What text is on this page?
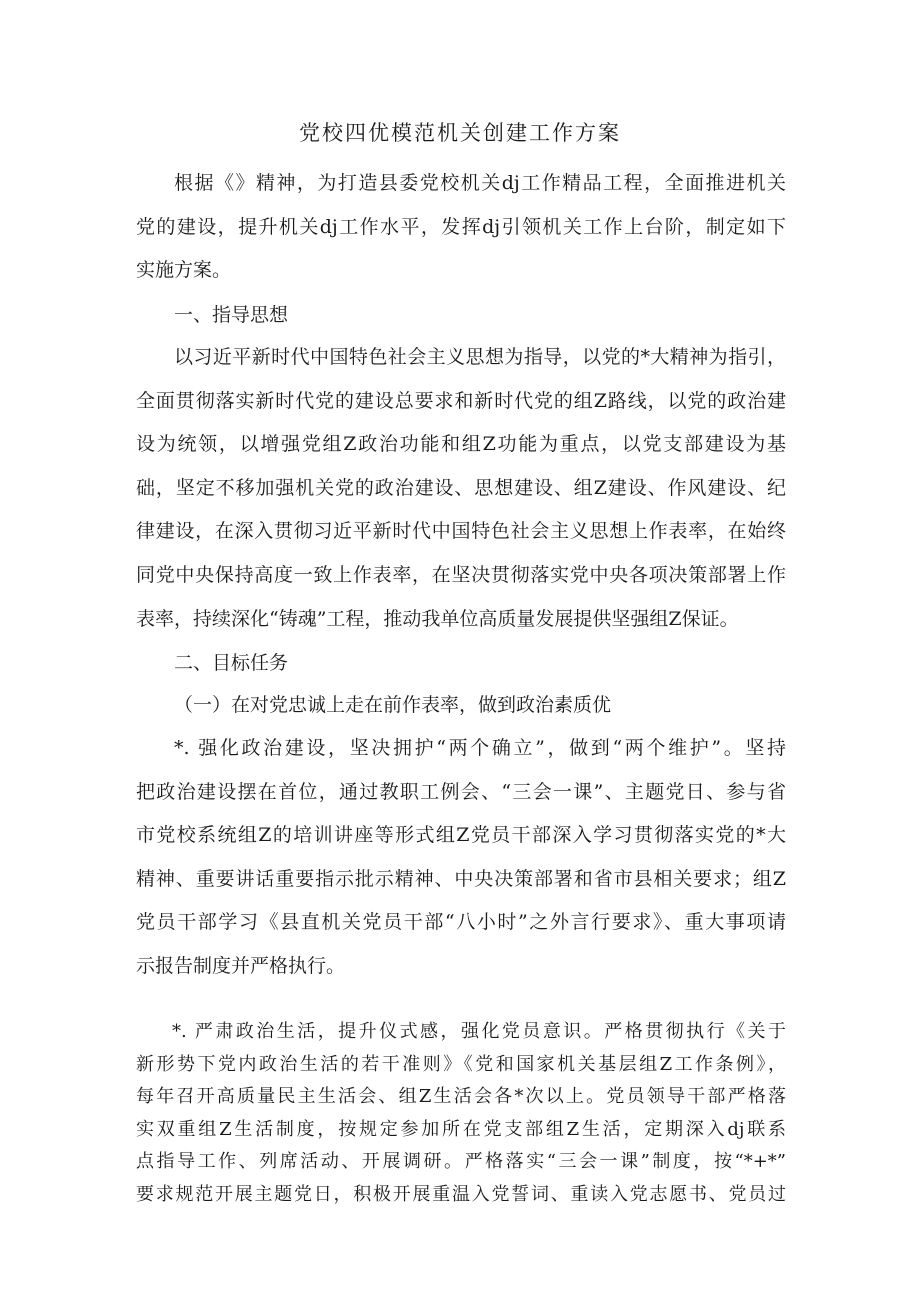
党校四优模范机关创建工作方案

根据《》精神，为打造县委党校机关dj工作精品工程，全面推进机关
党的建设，提升机关dj工作水平，发挥dj引领机关工作上台阶，制定如下
实施方案。

一、指导思想

以习近平新时代中国特色社会主义思想为指导，以党的*大精神为指引，
全面贯彻落实新时代党的建设总要求和新时代党的组Z路线，以党的政治建
设为统领，以增强党组Z政治功能和组Z功能为重点，以党支部建设为基
础，坚定不移加强机关党的政治建设、思想建设、组Z建设、作风建设、纪
律建设，在深入贯彻习近平新时代中国特色社会主义思想上作表率，在始终
同党中央保持高度一致上作表率，在坚决贯彻落实党中央各项决策部署上作
表率，持续深化“铸魂”工程，推动我单位高质量发展提供坚强组Z保证。

二、目标任务

（一）在对党忠诚上走在前作表率，做到政治素质优

*. 强化政治建设，坚决拥护“两个确立”，做到“两个维护”。坚持
把政治建设摆在首位，通过教职工例会、“三会一课”、主题党日、参与省
市党校系统组Z的培训讲座等形式组Z党员干部深入学习贯彻落实党的*大
精神、重要讲话重要指示批示精神、中央决策部署和省市县相关要求；组Z
党员干部学习《县直机关党员干部“八小时”之外言行要求》、重大事项请
示报告制度并严格执行。

*. 严肃政治生活，提升仪式感，强化党员意识。严格贯彻执行《关于
新形势下党内政治生活的若干准则》《党和国家机关基层组Z工作条例》，
每年召开高质量民主生活会、组Z生活会各*次以上。党员领导干部严格落
实双重组Z生活制度，按规定参加所在党支部组Z生活，定期深入dj联系
点指导工作、列席活动、开展调研。严格落实“三会一课”制度，按“*+*”
要求规范开展主题党日，积极开展重温入党誓词、重读入党志愿书、党员过
